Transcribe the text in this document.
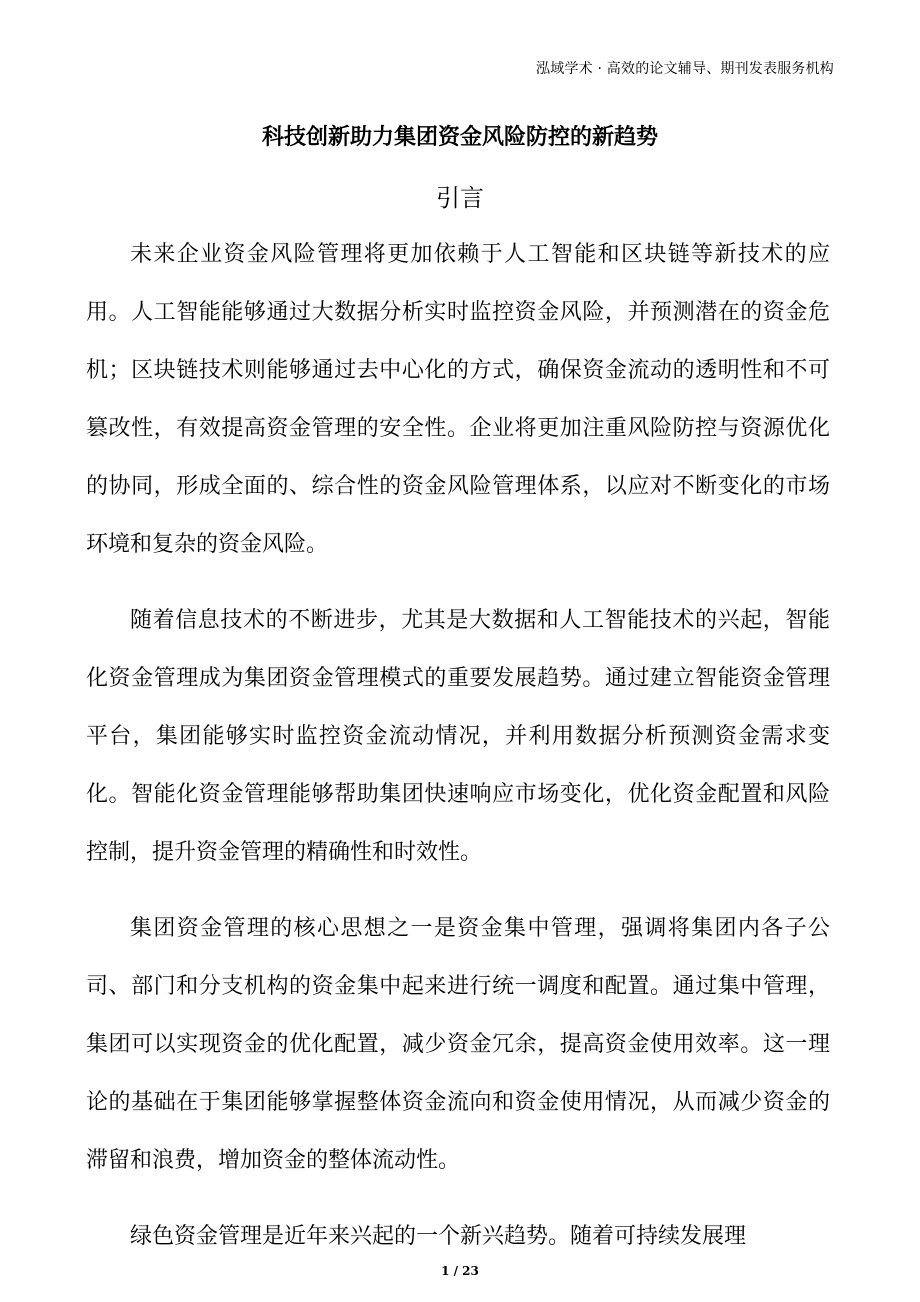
泓域学术 · 高效的论文辅导、期刊发表服务机构
科技创新助力集团资金风险防控的新趋势
引言

未来企业资金风险管理将更加依赖于人工智能和区块链等新技术的应用。人工智能能够通过大数据分析实时监控资金风险，并预测潜在的资金危机；区块链技术则能够通过去中心化的方式，确保资金流动的透明性和不可篡改性，有效提高资金管理的安全性。企业将更加注重风险防控与资源优化的协同，形成全面的、综合性的资金风险管理体系，以应对不断变化的市场环境和复杂的资金风险。

随着信息技术的不断进步，尤其是大数据和人工智能技术的兴起，智能化资金管理成为集团资金管理模式的重要发展趋势。通过建立智能资金管理平台，集团能够实时监控资金流动情况，并利用数据分析预测资金需求变化。智能化资金管理能够帮助集团快速响应市场变化，优化资金配置和风险控制，提升资金管理的精确性和时效性。

集团资金管理的核心思想之一是资金集中管理，强调将集团内各子公司、部门和分支机构的资金集中起来进行统一调度和配置。通过集中管理，集团可以实现资金的优化配置，减少资金冗余，提高资金使用效率。这一理论的基础在于集团能够掌握整体资金流向和资金使用情况，从而减少资金的滞留和浪费，增加资金的整体流动性。

绿色资金管理是近年来兴起的一个新兴趋势。随着可持续发展理

1 / 23
